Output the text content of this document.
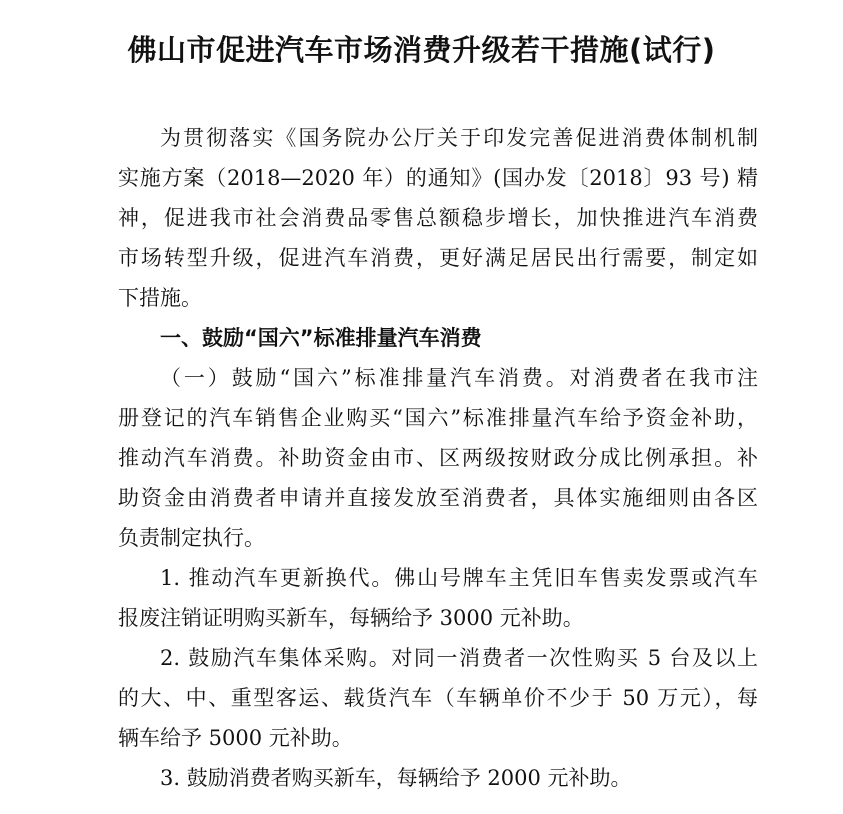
佛山市促进汽车市场消费升级若干措施(试行)
为贯彻落实《国务院办公厅关于印发完善促进消费体制机制
实施方案（2018—2020 年）的通知》(国办发〔2018〕93 号) 精
神，促进我市社会消费品零售总额稳步增长，加快推进汽车消费
市场转型升级，促进汽车消费，更好满足居民出行需要，制定如
下措施。
一、鼓励“国六”标准排量汽车消费
（一）鼓励“国六”标准排量汽车消费。对消费者在我市注
册登记的汽车销售企业购买“国六”标准排量汽车给予资金补助，
推动汽车消费。补助资金由市、区两级按财政分成比例承担。补
助资金由消费者申请并直接发放至消费者，具体实施细则由各区
负责制定执行。
1. 推动汽车更新换代。佛山号牌车主凭旧车售卖发票或汽车
报废注销证明购买新车，每辆给予 3000 元补助。
2. 鼓励汽车集体采购。对同一消费者一次性购买 5 台及以上
的大、中、重型客运、载货汽车（车辆单价不少于 50 万元），每
辆车给予 5000 元补助。
3. 鼓励消费者购买新车，每辆给予 2000 元补助。
